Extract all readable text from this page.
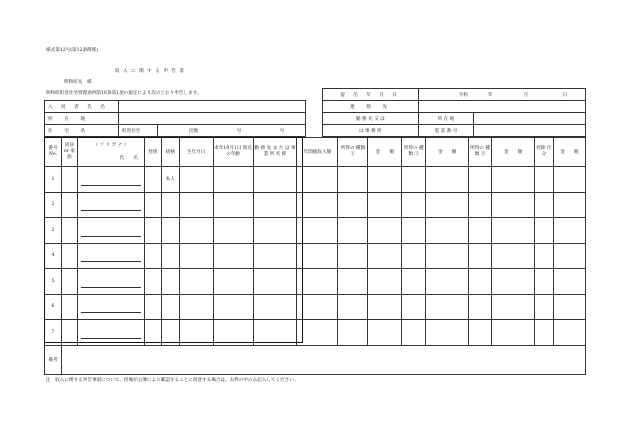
様式第12号(第12条関係)
収 入 に 関 す る 申 告 書
明和町長　様
明和町町営住宅管理条例第16条第1項の規定により次のとおり申告します。
入 居 者 氏 名					
所　在　地					
住　宅　名	町営住宅		団地	号	号
提 出 年 月 日	令和	年	月	日
連　絡　先				
勤 務 先 又 は	所 在 地			
は 事 務 所	電 話 番 号			
番号 No.	同居 or 家族	（ フ リ ガ ナ ）
氏　　名	性別	続柄	生年月日	本年10月1日 時点の年齢	勤 務 先 ま た は 事 業 所 名 称	年間総収入額	所得の 種類①	金　　額	所得の 種類 ②	金　　額	所得の 種類 ③	金　　額	控除 区分	金　　額
1				本人												
2		

3		

4		

5		

6		

7		

備考																
注　収入に関する申告事項について、役場が公簿により確認することに同意する場合は、太枠の中のみ記入してください。
